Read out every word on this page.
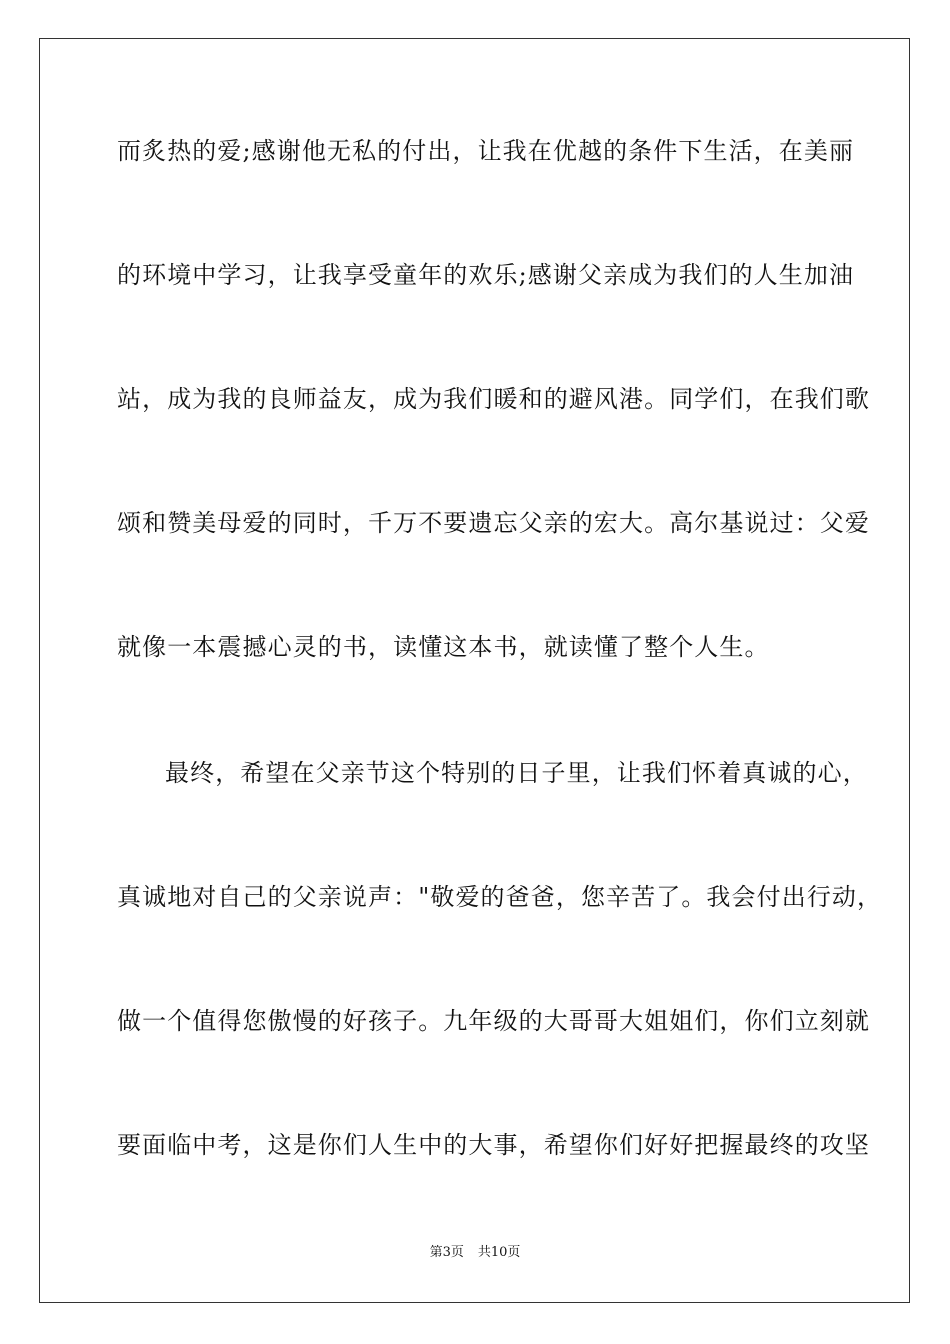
而炙热的爱;感谢他无私的付出，让我在优越的条件下生活，在美丽
的环境中学习，让我享受童年的欢乐;感谢父亲成为我们的人生加油
站，成为我的良师益友，成为我们暖和的避风港。同学们，在我们歌
颂和赞美母爱的同时，千万不要遗忘父亲的宏大。高尔基说过：父爱
就像一本震撼心灵的书，读懂这本书，就读懂了整个人生。
最终，希望在父亲节这个特别的日子里，让我们怀着真诚的心，
真诚地对自己的父亲说声："敬爱的爸爸，您辛苦了。我会付出行动，
做一个值得您傲慢的好孩子。九年级的大哥哥大姐姐们，你们立刻就
要面临中考，这是你们人生中的大事，希望你们好好把握最终的攻坚
第3页 共10页
